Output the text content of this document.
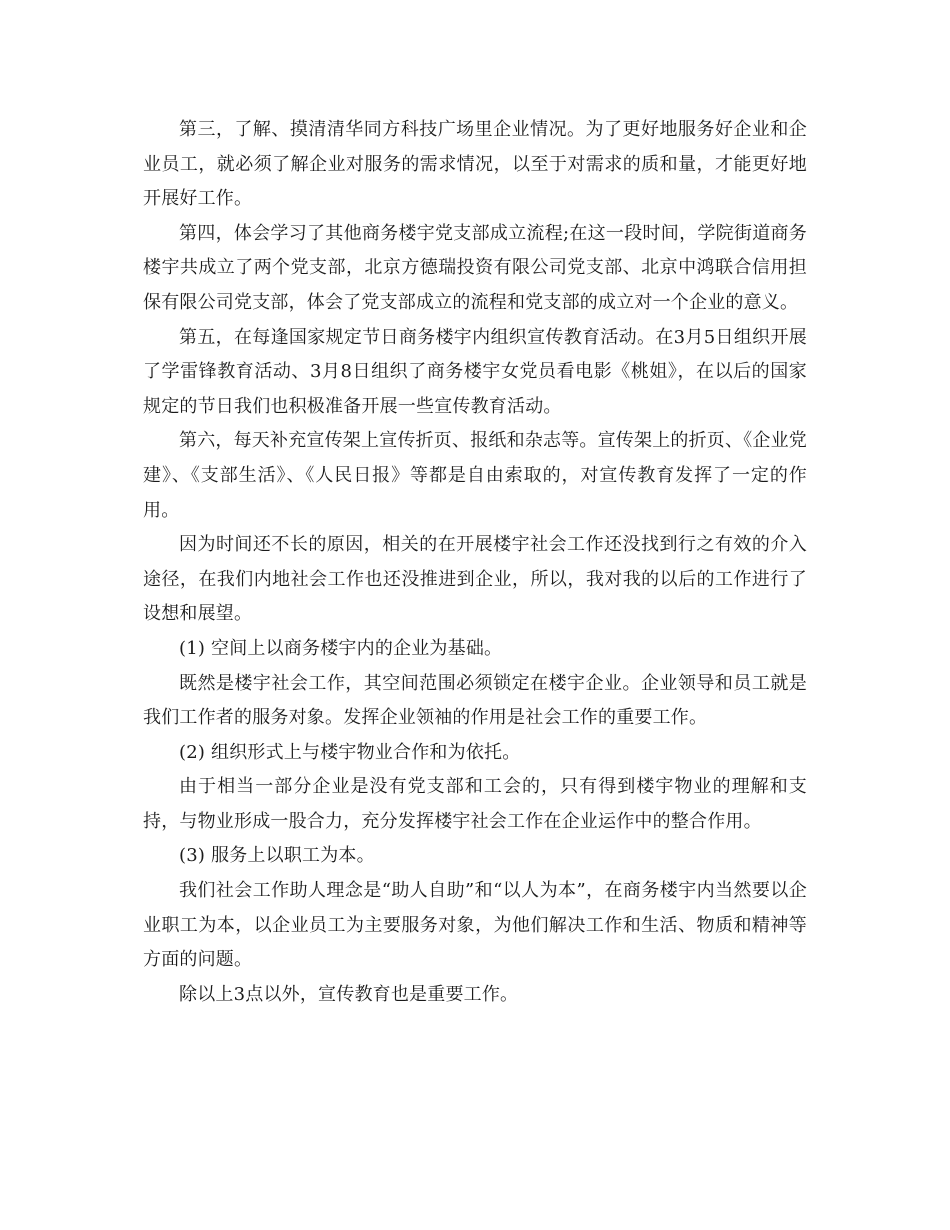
第三，了解、摸清清华同方科技广场里企业情况。为了更好地服务好企业和企业员工，就必须了解企业对服务的需求情况，以至于对需求的质和量，才能更好地开展好工作。

第四，体会学习了其他商务楼宇党支部成立流程;在这一段时间，学院街道商务楼宇共成立了两个党支部，北京方德瑞投资有限公司党支部、北京中鸿联合信用担保有限公司党支部，体会了党支部成立的流程和党支部的成立对一个企业的意义。

第五，在每逢国家规定节日商务楼宇内组织宣传教育活动。在3月5日组织开展了学雷锋教育活动、3月8日组织了商务楼宇女党员看电影《桃姐》，在以后的国家规定的节日我们也积极准备开展一些宣传教育活动。

第六，每天补充宣传架上宣传折页、报纸和杂志等。宣传架上的折页、《企业党建》、《支部生活》、《人民日报》等都是自由索取的，对宣传教育发挥了一定的作用。

因为时间还不长的原因，相关的在开展楼宇社会工作还没找到行之有效的介入途径，在我们内地社会工作也还没推进到企业，所以，我对我的以后的工作进行了设想和展望。

(1) 空间上以商务楼宇内的企业为基础。

既然是楼宇社会工作，其空间范围必须锁定在楼宇企业。企业领导和员工就是我们工作者的服务对象。发挥企业领袖的作用是社会工作的重要工作。

(2) 组织形式上与楼宇物业合作和为依托。

由于相当一部分企业是没有党支部和工会的，只有得到楼宇物业的理解和支持，与物业形成一股合力，充分发挥楼宇社会工作在企业运作中的整合作用。

(3) 服务上以职工为本。

我们社会工作助人理念是“助人自助”和“以人为本”，在商务楼宇内当然要以企业职工为本，以企业员工为主要服务对象，为他们解决工作和生活、物质和精神等方面的问题。

除以上3点以外，宣传教育也是重要工作。
